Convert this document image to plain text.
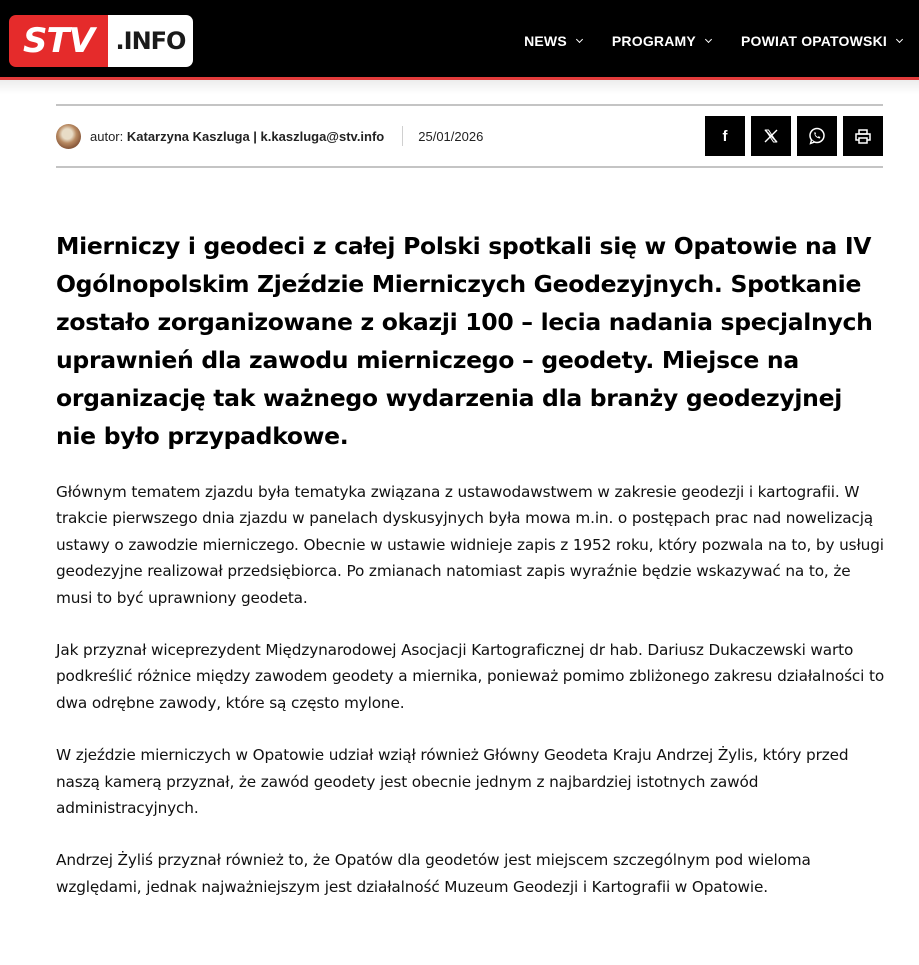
STV .INFO	NEWS	PROGRAMY	POWIAT OPATOWSKI
autor: Katarzyna Kaszluga | k.kaszluga@stv.info	25/01/2026	f
Mierniczy i geodeci z całej Polski spotkali się w Opatowie na IV Ogólnopolskim Zjeździe Mierniczych Geodezyjnych. Spotkanie zostało zorganizowane z okazji 100 – lecia nadania specjalnych uprawnień dla zawodu mierniczego – geodety. Miejsce na organizację tak ważnego wydarzenia dla branży geodezyjnej nie było przypadkowe.

Głównym tematem zjazdu była tematyka związana z ustawodawstwem w zakresie geodezji i kartografii. W trakcie pierwszego dnia zjazdu w panelach dyskusyjnych była mowa m.in. o postępach prac nad nowelizacją ustawy o zawodzie mierniczego. Obecnie w ustawie widnieje zapis z 1952 roku, który pozwala na to, by usługi geodezyjne realizował przedsiębiorca. Po zmianach natomiast zapis wyraźnie będzie wskazywać na to, że musi to być uprawniony geodeta.

Jak przyznał wiceprezydent Międzynarodowej Asocjacji Kartograficznej dr hab. Dariusz Dukaczewski warto podkreślić różnice między zawodem geodety a miernika, ponieważ pomimo zbliżonego zakresu działalności to dwa odrębne zawody, które są często mylone.

W zjeździe mierniczych w Opatowie udział wziął również Główny Geodeta Kraju Andrzej Żylis, który przed naszą kamerą przyznał, że zawód geodety jest obecnie jednym z najbardziej istotnych zawód administracyjnych.

Andrzej Żyliś przyznał również to, że Opatów dla geodetów jest miejscem szczególnym pod wieloma względami, jednak najważniejszym jest działalność Muzeum Geodezji i Kartografii w Opatowie.
